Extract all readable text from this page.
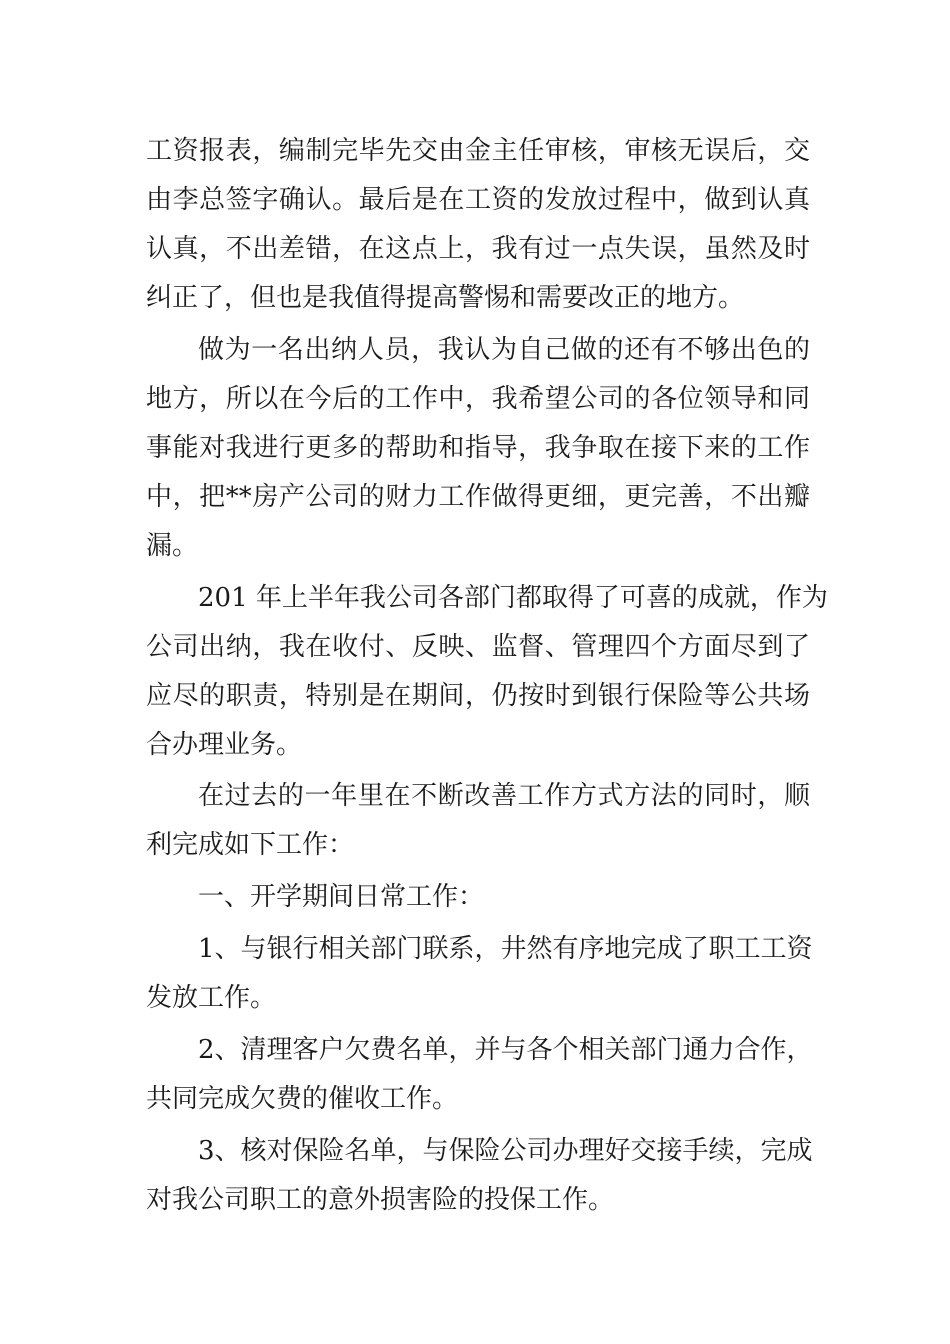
工资报表，编制完毕先交由金主任审核，审核无误后，交
由李总签字确认。最后是在工资的发放过程中，做到认真
认真，不出差错，在这点上，我有过一点失误，虽然及时
纠正了，但也是我值得提高警惕和需要改正的地方。
做为一名出纳人员，我认为自己做的还有不够出色的
地方，所以在今后的工作中，我希望公司的各位领导和同
事能对我进行更多的帮助和指导，我争取在接下来的工作
中，把**房产公司的财力工作做得更细，更完善，不出瓣
漏。
201 年上半年我公司各部门都取得了可喜的成就，作为
公司出纳，我在收付、反映、监督、管理四个方面尽到了
应尽的职责，特别是在期间，仍按时到银行保险等公共场
合办理业务。
在过去的一年里在不断改善工作方式方法的同时，顺
利完成如下工作：
一、开学期间日常工作：
1、与银行相关部门联系，井然有序地完成了职工工资
发放工作。
2、清理客户欠费名单，并与各个相关部门通力合作，
共同完成欠费的催收工作。
3、核对保险名单，与保险公司办理好交接手续，完成
对我公司职工的意外损害险的投保工作。
